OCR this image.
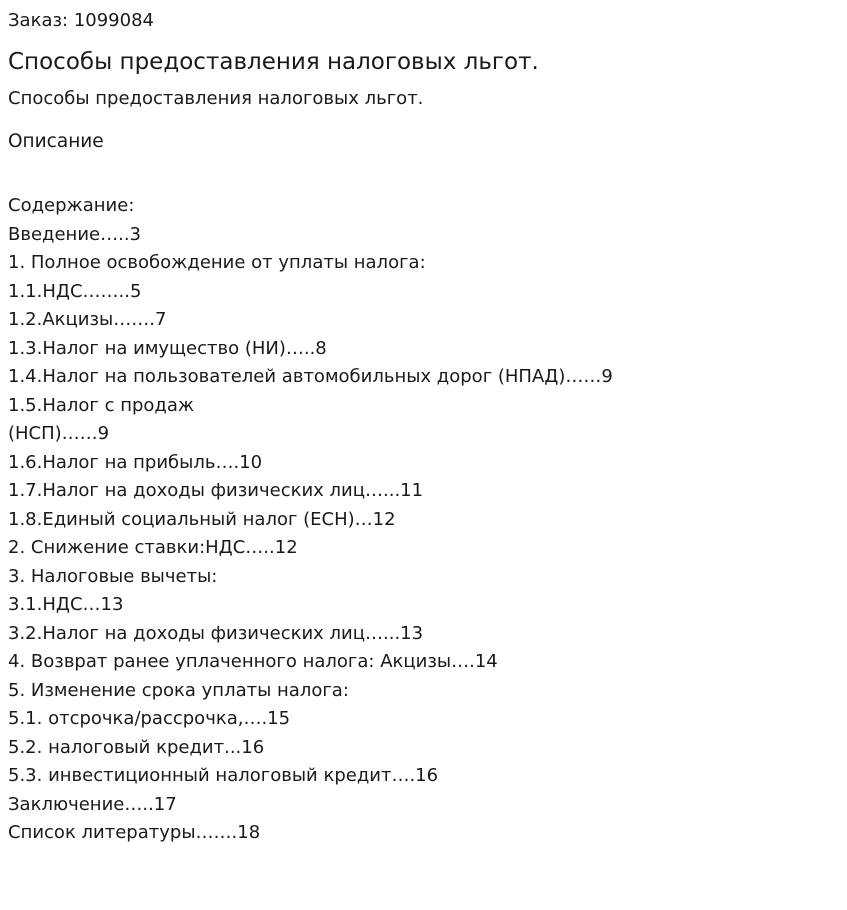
Заказ: 1099084
Способы предоставления налоговых льгот.
Способы предоставления налоговых льгот.
Описание
Содержание:
Введение…..3
1. Полное освобождение от уплаты налога:
1.1.НДС……..5
1.2.Акцизы…….7
1.3.Налог на имущество (НИ)…..8
1.4.Налог на пользователей автомобильных дорог (НПАД)……9
1.5.Налог с продаж
(НСП)……9
1.6.Налог на прибыль….10
1.7.Налог на доходы физических лиц…...11
1.8.Единый социальный налог (ЕСН)…12
2. Снижение ставки:НДС…..12
3. Налоговые вычеты:
3.1.НДС…13
3.2.Налог на доходы физических лиц…...13
4. Возврат ранее уплаченного налога: Акцизы….14
5. Изменение срока уплаты налога:
5.1. отсрочка/рассрочка,….15
5.2. налоговый кредит...16
5.3. инвестиционный налоговый кредит….16
Заключение…..17
Список литературы…….18
